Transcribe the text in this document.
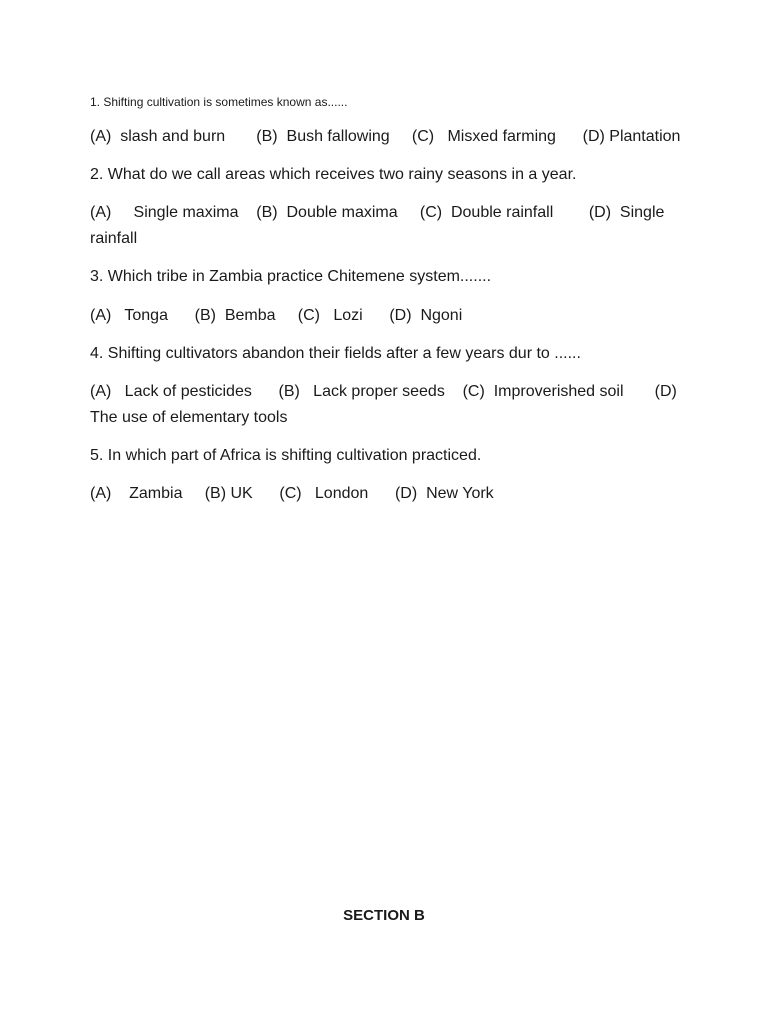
1. Shifting cultivation is sometimes known as......
(A)  slash and burn       (B)  Bush fallowing     (C)   Misxed farming      (D) Plantation
2. What do we call areas which receives two rainy seasons in a year.
(A)     Single maxima    (B)  Double maxima     (C)  Double rainfall        (D)  Single
rainfall
3. Which tribe in Zambia practice Chitemene system.......
(A)   Tonga      (B)  Bemba     (C)   Lozi      (D)  Ngoni
4. Shifting cultivators abandon their fields after a few years dur to ......
(A)   Lack of pesticides      (B)   Lack proper seeds    (C)  Improverished soil       (D)
The use of elementary tools
5. In which part of Africa is shifting cultivation practiced.
(A)    Zambia     (B) UK      (C)   London      (D)  New York
SECTION B
